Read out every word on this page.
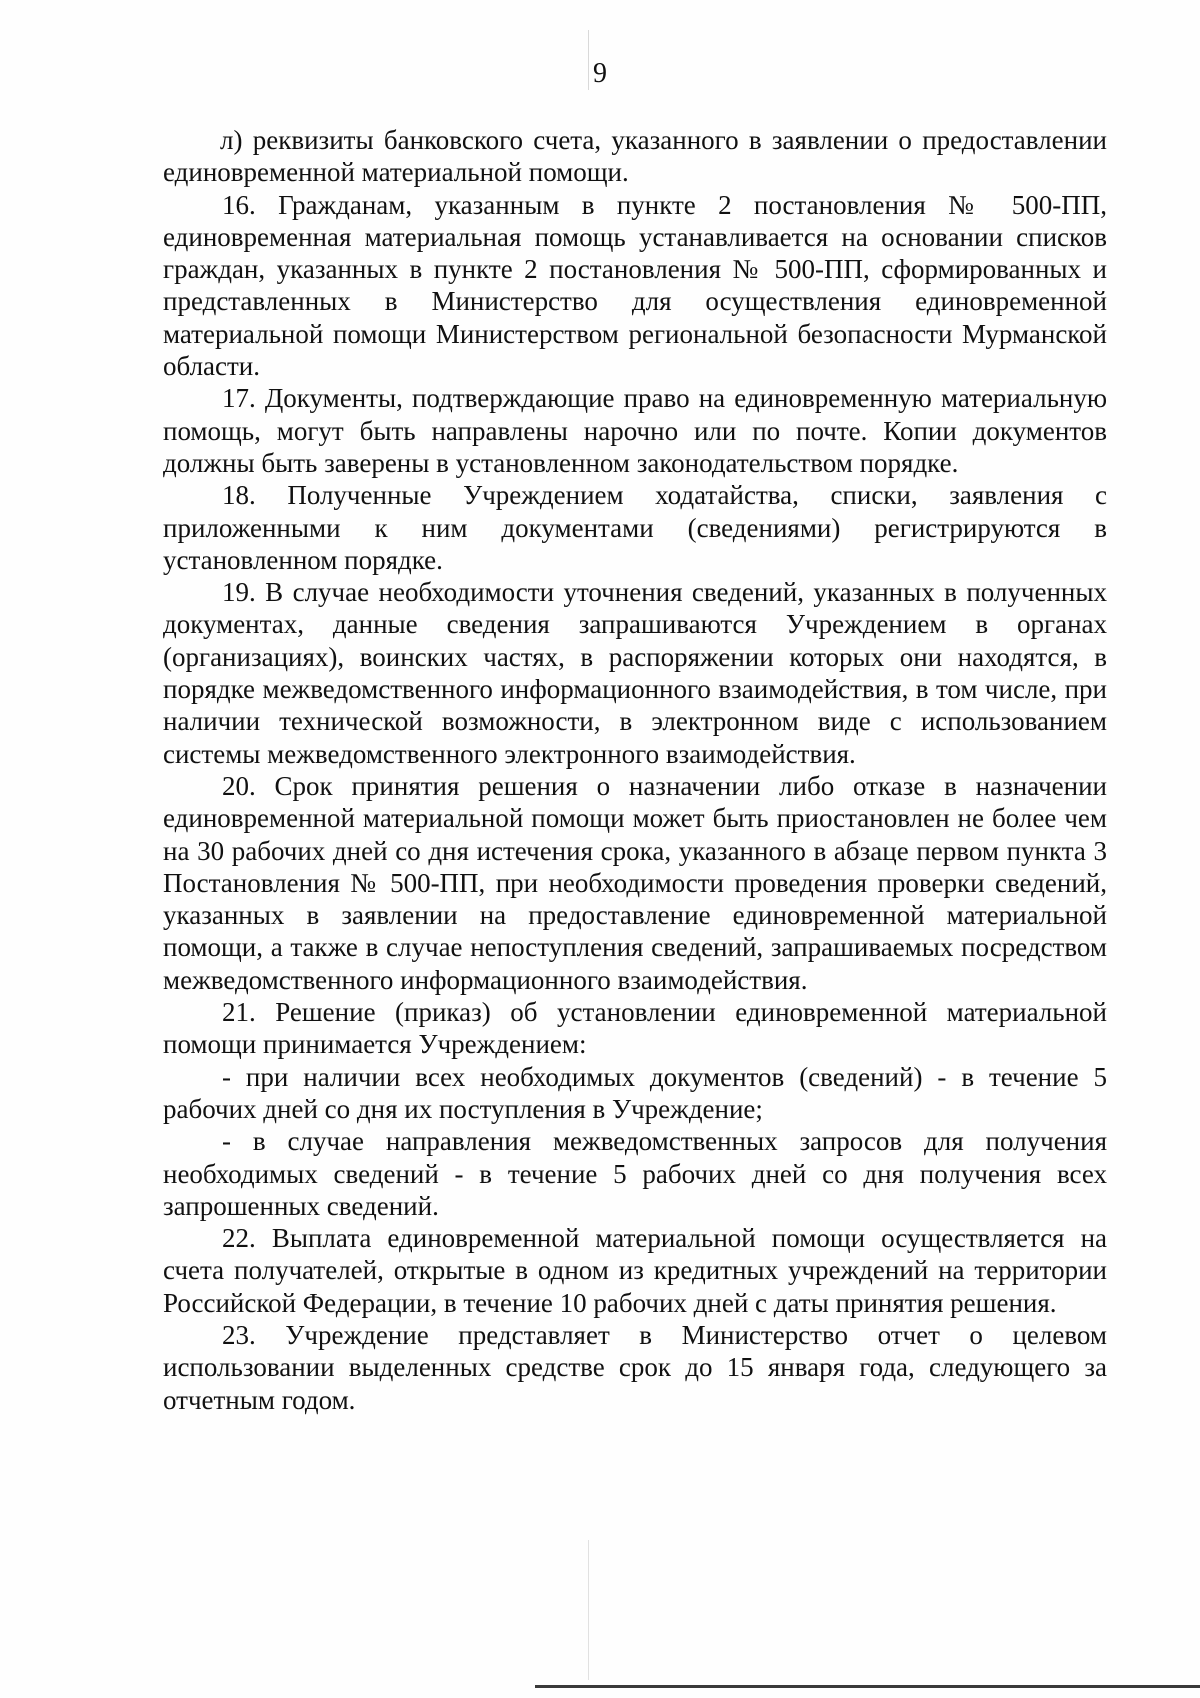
9

л) реквизиты банковского счета, указанного в заявлении о предоставлении единовременной материальной помощи.

16. Гражданам, указанным в пункте 2 постановления № 500-ПП, единовременная материальная помощь устанавливается на основании списков граждан, указанных в пункте 2 постановления № 500-ПП, сформированных и представленных в Министерство для осуществления единовременной материальной помощи Министерством региональной безопасности Мурманской области.

17. Документы, подтверждающие право на единовременную материальную помощь, могут быть направлены нарочно или по почте. Копии документов должны быть заверены в установленном законодательством порядке.

18. Полученные Учреждением ходатайства, списки, заявления с приложенными к ним документами (сведениями) регистрируются в установленном порядке.

19. В случае необходимости уточнения сведений, указанных в полученных документах, данные сведения запрашиваются Учреждением в органах (организациях), воинских частях, в распоряжении которых они находятся, в порядке межведомственного информационного взаимодействия, в том числе, при наличии технической возможности, в электронном виде с использованием системы межведомственного электронного взаимодействия.

20. Срок принятия решения о назначении либо отказе в назначении единовременной материальной помощи может быть приостановлен не более чем на 30 рабочих дней со дня истечения срока, указанного в абзаце первом пункта 3 Постановления № 500-ПП, при необходимости проведения проверки сведений, указанных в заявлении на предоставление единовременной материальной помощи, а также в случае непоступления сведений, запрашиваемых посредством межведомственного информационного взаимодействия.

21. Решение (приказ) об установлении единовременной материальной помощи принимается Учреждением:

- при наличии всех необходимых документов (сведений) - в течение 5 рабочих дней со дня их поступления в Учреждение;

- в случае направления межведомственных запросов для получения необходимых сведений - в течение 5 рабочих дней со дня получения всех запрошенных сведений.

22. Выплата единовременной материальной помощи осуществляется на счета получателей, открытые в одном из кредитных учреждений на территории Российской Федерации, в течение 10 рабочих дней с даты принятия решения.

23. Учреждение представляет в Министерство отчет о целевом использовании выделенных средстве срок до 15 января года, следующего за отчетным годом.
